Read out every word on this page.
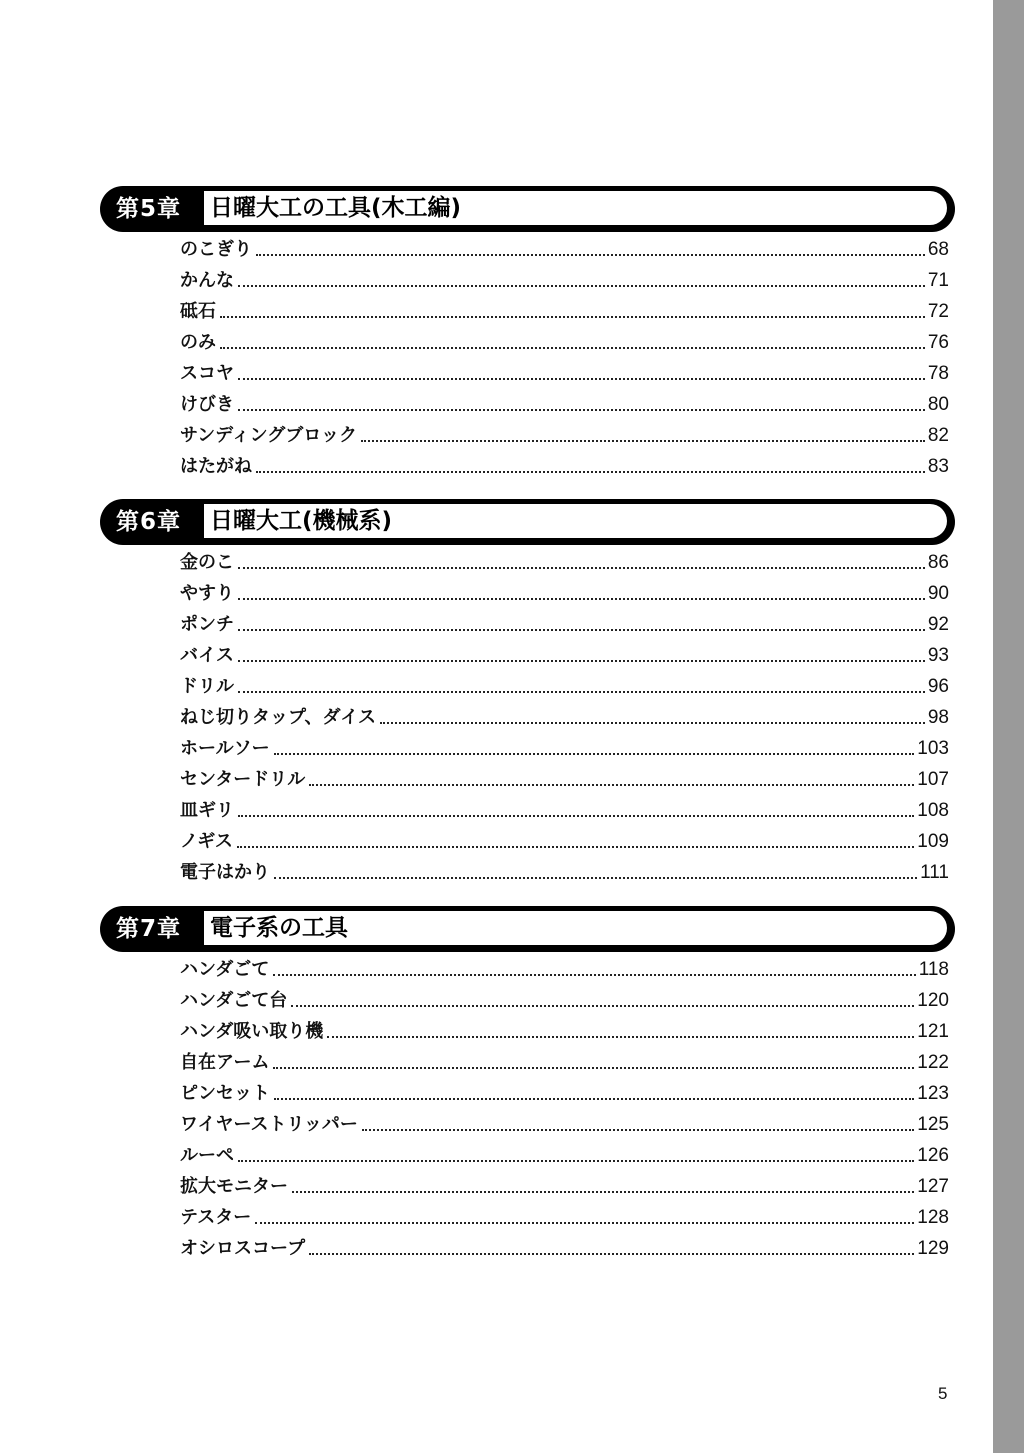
第5章 日曜大工の工具(木工編)
のこぎり	68
かんな	71
砥石	72
のみ	76
スコヤ	78
けびき	80
サンディングブロック	82
はたがね	83
第6章 日曜大工(機械系)
金のこ	86
やすり	90
ポンチ	92
バイス	93
ドリル	96
ねじ切りタップ、ダイス	98
ホールソー	103
センタードリル	107
皿ギリ	108
ノギス	109
電子はかり	111
第7章 電子系の工具
ハンダごて	118
ハンダごて台	120
ハンダ吸い取り機	121
自在アーム	122
ピンセット	123
ワイヤーストリッパー	125
ルーペ	126
拡大モニター	127
テスター	128
オシロスコープ	129
5
